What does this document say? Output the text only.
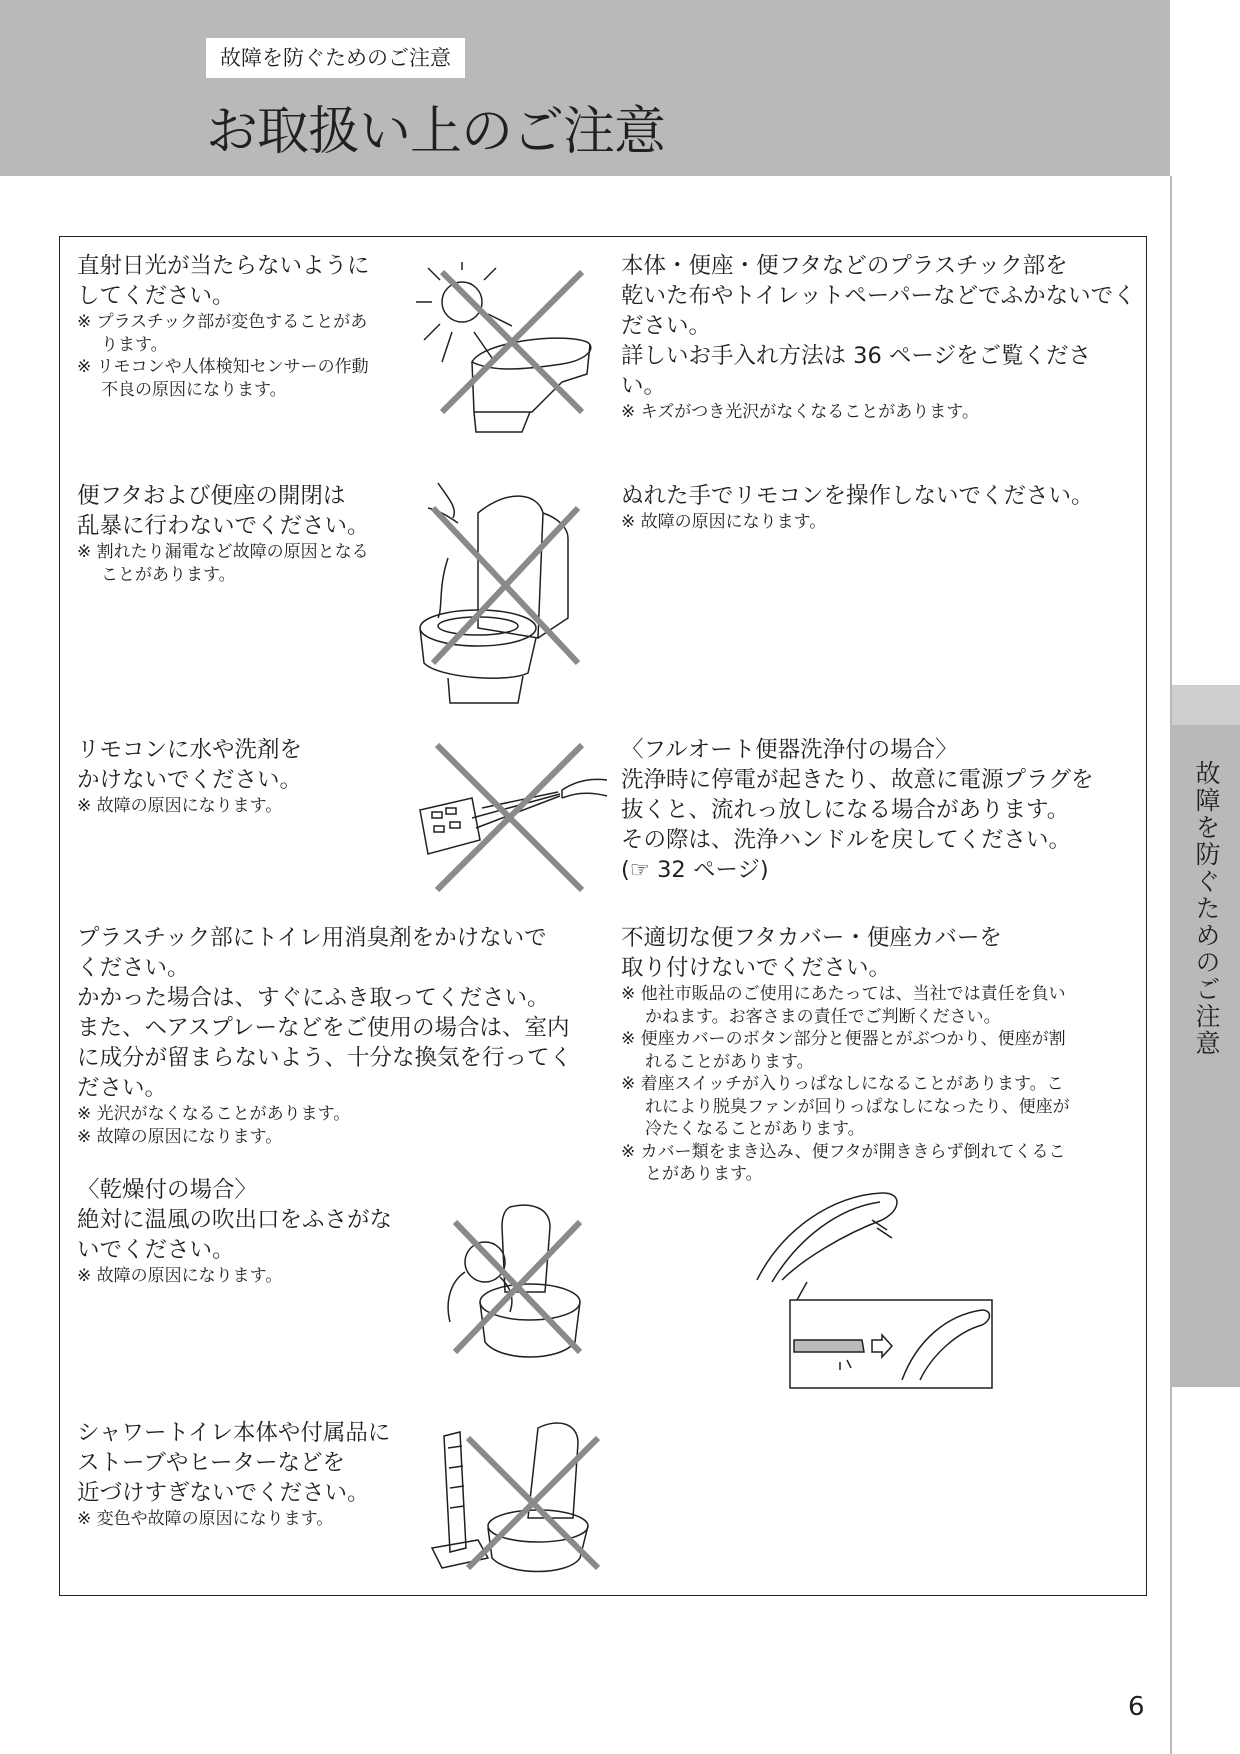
故障を防ぐためのご注意
お取扱い上のご注意
故障を防ぐためのご注意
直射日光が当たらないように
してください。
※ プラスチック部が変色することがあ
ります。
※ リモコンや人体検知センサーの作動
不良の原因になります。
本体・便座・便フタなどのプラスチック部を
乾いた布やトイレットペーパーなどでふかないでく
ださい。
詳しいお手入れ方法は 36 ページをご覧くださ
い。
※ キズがつき光沢がなくなることがあります。
便フタおよび便座の開閉は
乱暴に行わないでください。
※ 割れたり漏電など故障の原因となる
ことがあります。
ぬれた手でリモコンを操作しないでください。
※ 故障の原因になります。
リモコンに水や洗剤を
かけないでください。
※ 故障の原因になります。
〈フルオート便器洗浄付の場合〉
洗浄時に停電が起きたり、故意に電源プラグを
抜くと、流れっ放しになる場合があります。
その際は、洗浄ハンドルを戻してください。
(☞ 32 ページ)
プラスチック部にトイレ用消臭剤をかけないで
ください。
かかった場合は、すぐにふき取ってください。
また、ヘアスプレーなどをご使用の場合は、室内
に成分が留まらないよう、十分な換気を行ってく
ださい。
※ 光沢がなくなることがあります。
※ 故障の原因になります。
不適切な便フタカバー・便座カバーを
取り付けないでください。
※ 他社市販品のご使用にあたっては、当社では責任を負い
かねます。お客さまの責任でご判断ください。
※ 便座カバーのボタン部分と便器とがぶつかり、便座が割
れることがあります。
※ 着座スイッチが入りっぱなしになることがあります。こ
れにより脱臭ファンが回りっぱなしになったり、便座が
冷たくなることがあります。
※ カバー類をまき込み、便フタが開ききらず倒れてくるこ
とがあります。
〈乾燥付の場合〉
絶対に温風の吹出口をふさがな
いでください。
※ 故障の原因になります。
シャワートイレ本体や付属品に
ストーブやヒーターなどを
近づけすぎないでください。
※ 変色や故障の原因になります。
6
